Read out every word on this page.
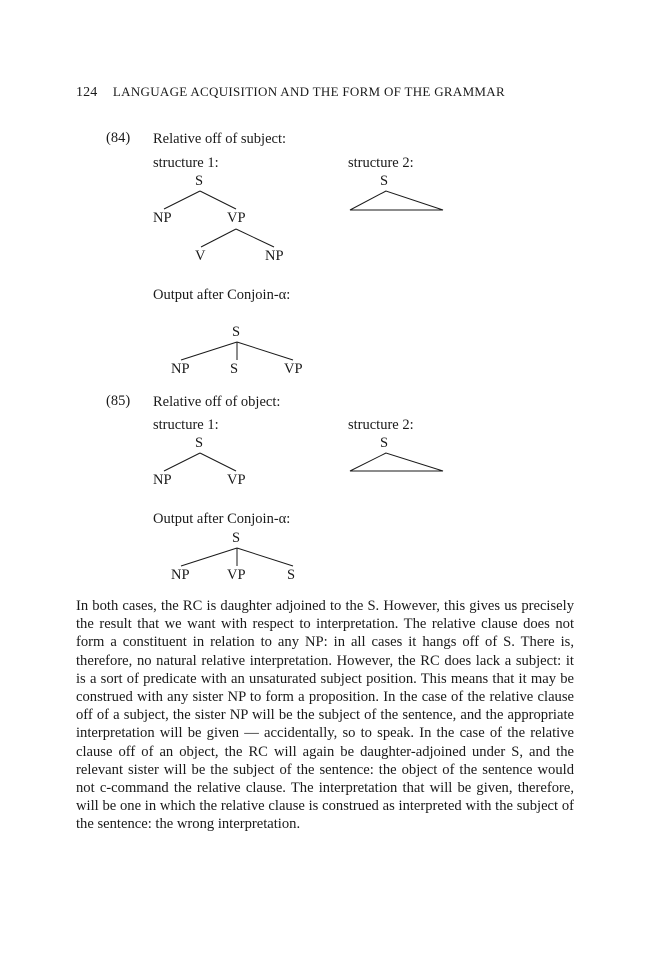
124 LANGUAGE ACQUISITION AND THE FORM OF THE GRAMMAR
(84) Relative off of subject:
structure 1:	structure 2:
S
NP	VP
V	NP
S
Output after Conjoin-α:
S
NP	S	VP
(85) Relative off of object:
structure 1:	structure 2:
S
NP	VP
S
Output after Conjoin-α:
S
NP	VP	S

In both cases, the RC is daughter adjoined to the S. However, this gives us precisely the result that we want with respect to interpretation. The relative clause does not form a constituent in relation to any NP: in all cases it hangs off of S. There is, therefore, no natural relative interpretation. However, the RC does lack a subject: it is a sort of predicate with an unsaturated subject position. This means that it may be construed with any sister NP to form a proposition. In the case of the relative clause off of a subject, the sister NP will be the subject of the sentence, and the appropriate interpretation will be given — accidentally, so to speak. In the case of the relative clause off of an object, the RC will again be daughter-adjoined under S, and the relevant sister will be the subject of the sentence: the object of the sentence would not c-command the relative clause. The interpretation that will be given, therefore, will be one in which the relative clause is construed as interpreted with the subject of the sentence: the wrong interpretation.
